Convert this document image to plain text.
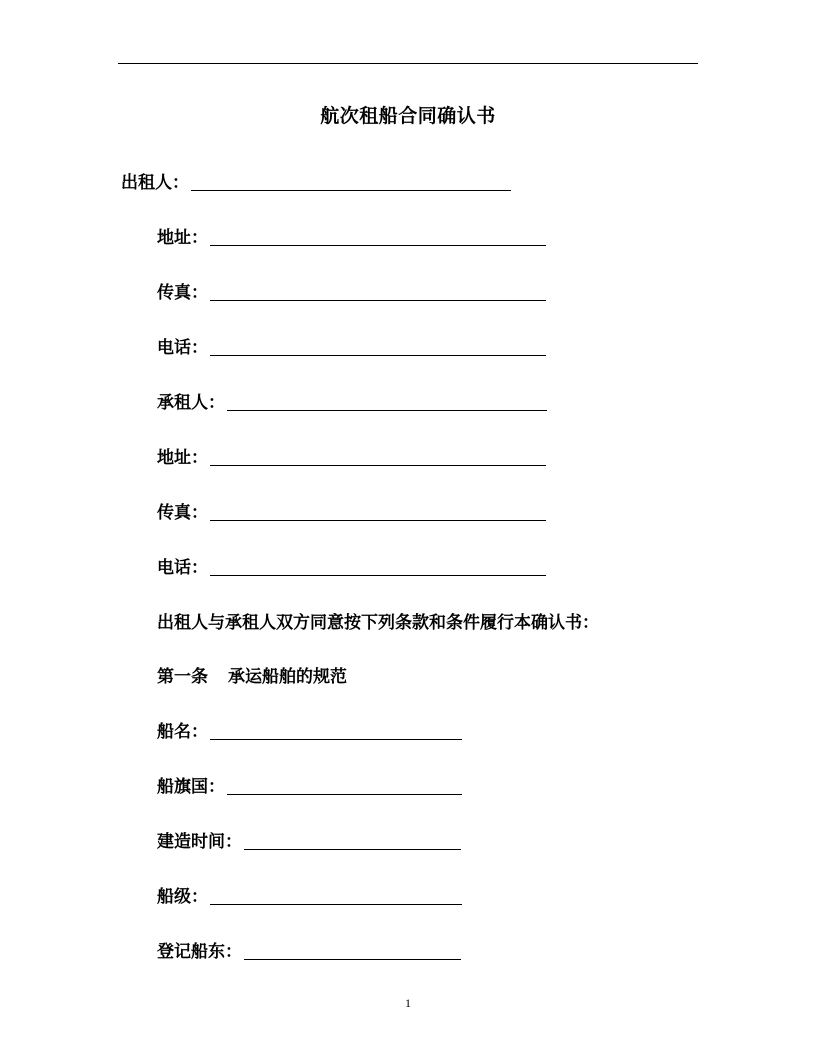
航次租船合同确认书
出租人：
地址：
传真：
电话：
承租人：
地址：
传真：
电话：
出租人与承租人双方同意按下列条款和条件履行本确认书：
第一条 承运船舶的规范
船名：
船旗国：
建造时间：
船级：
登记船东：
1
